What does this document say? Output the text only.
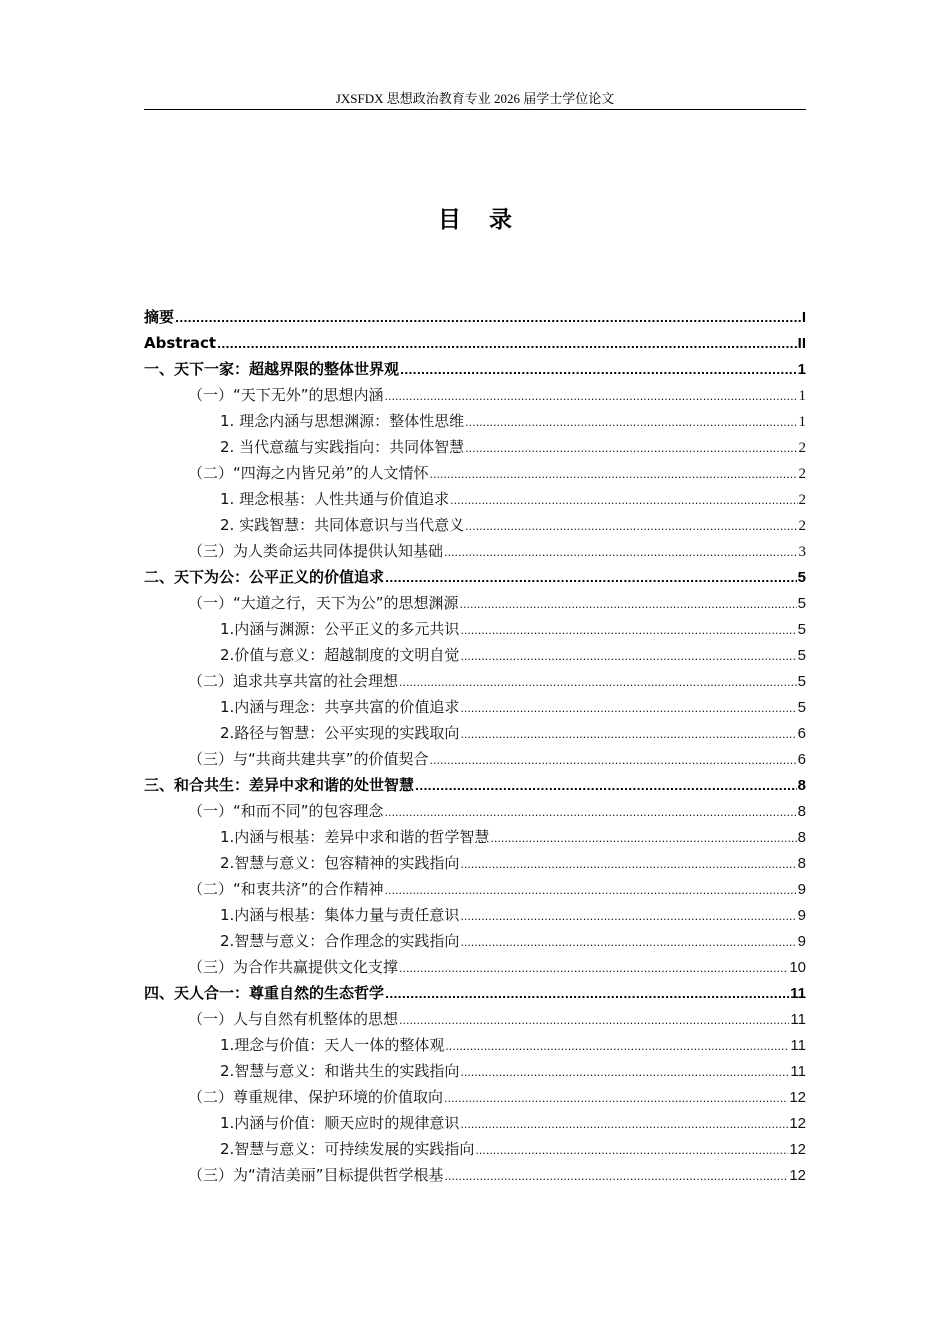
JXSFDX 思想政治教育专业 2026 届学士学位论文
目录
摘要 .....	I
Abstract .....	II
一、天下一家：超越界限的整体世界观 .....	1
（一）“天下无外”的思想内涵 .....	1
1. 理念内涵与思想渊源：整体性思维 .....	1
2. 当代意蕴与实践指向：共同体智慧 .....	2
（二）“四海之内皆兄弟”的人文情怀 .....	2
1. 理念根基：人性共通与价值追求 .....	2
2. 实践智慧：共同体意识与当代意义 .....	2
（三）为人类命运共同体提供认知基础 .....	3
二、天下为公：公平正义的价值追求 .....	5
（一）“大道之行，天下为公”的思想渊源 .....	5
1.内涵与渊源：公平正义的多元共识 .....	5
2.价值与意义：超越制度的文明自觉 .....	5
（二）追求共享共富的社会理想 .....	5
1.内涵与理念：共享共富的价值追求 .....	5
2.路径与智慧：公平实现的实践取向 .....	6
（三）与“共商共建共享”的价值契合 .....	6
三、和合共生：差异中求和谐的处世智慧 .....	8
（一）“和而不同”的包容理念 .....	8
1.内涵与根基：差异中求和谐的哲学智慧 .....	8
2.智慧与意义：包容精神的实践指向 .....	8
（二）“和衷共济”的合作精神 .....	9
1.内涵与根基：集体力量与责任意识 .....	9
2.智慧与意义：合作理念的实践指向 .....	9
（三）为合作共赢提供文化支撑 .....	10
四、天人合一：尊重自然的生态哲学 .....	11
（一）人与自然有机整体的思想 .....	11
1.理念与价值：天人一体的整体观 .....	11
2.智慧与意义：和谐共生的实践指向 .....	11
（二）尊重规律、保护环境的价值取向 .....	12
1.内涵与价值：顺天应时的规律意识 .....	12
2.智慧与意义：可持续发展的实践指向 .....	12
（三）为“清洁美丽”目标提供哲学根基 .....	12
